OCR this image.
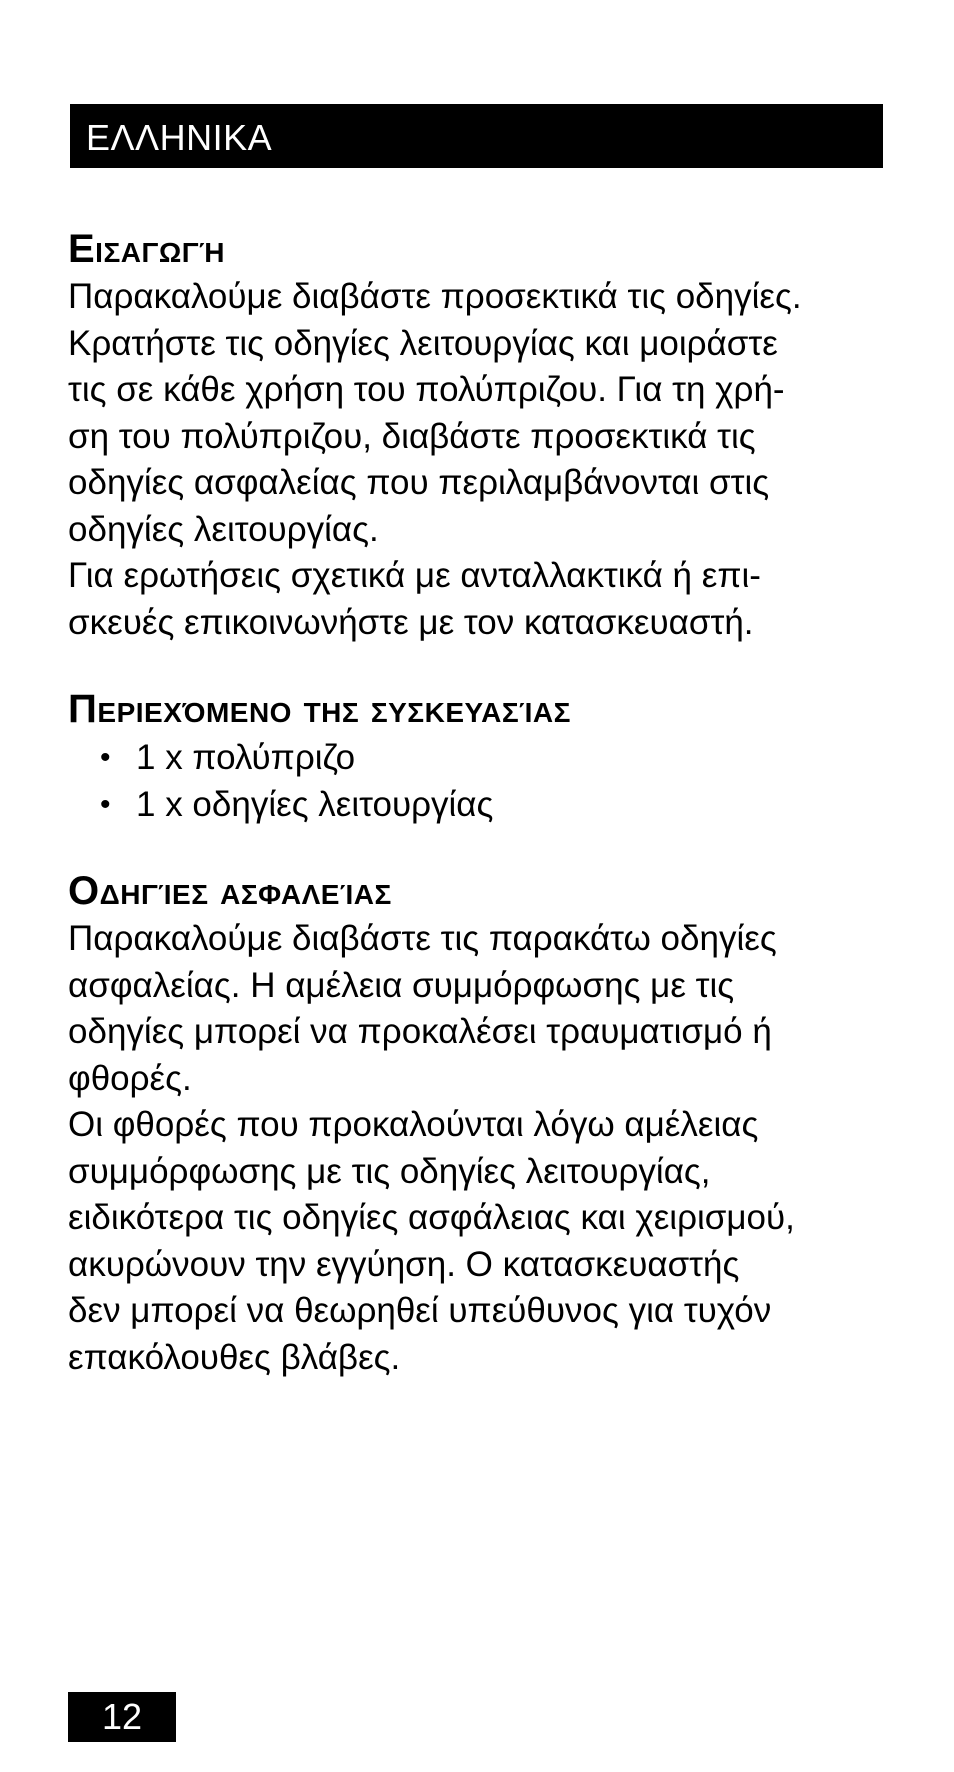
ΕΛΛΗΝΙΚΑ
Εισαγωγή

Παρακαλούμε διαβάστε προσεκτικά τις οδηγίες.
Κρατήστε τις οδηγίες λειτουργίας και μοιράστε
τις σε κάθε χρήση του πολύπριζου. Για τη χρή-
ση του πολύπριζου, διαβάστε προσεκτικά τις
οδηγίες ασφαλείας που περιλαμβάνονται στις
οδηγίες λειτουργίας.
Για ερωτήσεις σχετικά με ανταλλακτικά ή επι-
σκευές επικοινωνήστε με τον κατασκευαστή.

Περιεχόμενο της συσκευασίας
• 1 x πολύπριζο
• 1 x οδηγίες λειτουργίας
Οδηγίες ασφαλείας

Παρακαλούμε διαβάστε τις παρακάτω οδηγίες
ασφαλείας. Η αμέλεια συμμόρφωσης με τις
οδηγίες μπορεί να προκαλέσει τραυματισμό ή
φθορές.
Οι φθορές που προκαλούνται λόγω αμέλειας
συμμόρφωσης με τις οδηγίες λειτουργίας,
ειδικότερα τις οδηγίες ασφάλειας και χειρισμού,
ακυρώνουν την εγγύηση. Ο κατασκευαστής
δεν μπορεί να θεωρηθεί υπεύθυνος για τυχόν
επακόλουθες βλάβες.

12
